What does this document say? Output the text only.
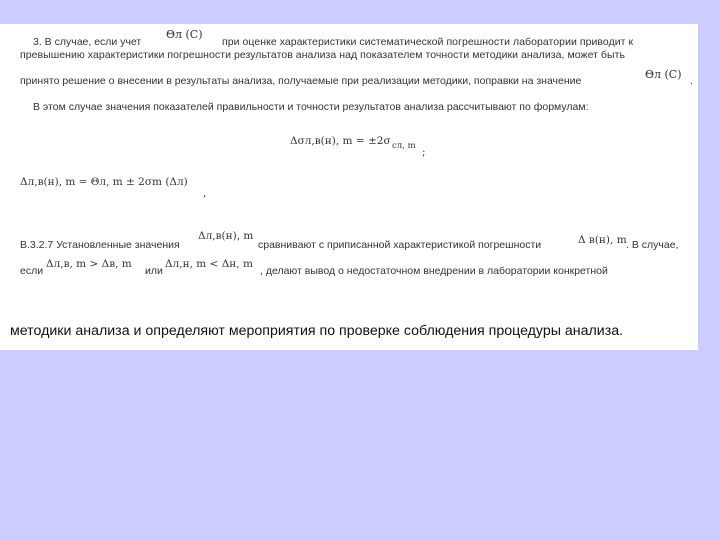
3. В случае, если учет
Θл (C)
при оценке характеристики систематической погрешности лаборатории приводит к
превышению характеристики погрешности результатов анализа над показателем точности методики анализа, может быть
принято решение о внесении в результаты анализа, получаемые при реализации методики, поправки на значение	Θл (C) .
В этом случае значения показателей правильности и точности результатов анализа рассчитывают по формулам:
Δσл,в(н), m = ±2σ cл, m ;
Δл,в(н), m = Θл, m ± 2σm (Δл)
,
В.3.2.7 Установленные значения
Δл,в(н), m
сравнивают с приписанной характеристикой погрешности	Δ в(н), m . В случае,
если
Δл,в, m > Δв, m
или
Δл,н, m < Δн, m
, делают вывод о недостаточном внедрении в лаборатории конкретной
методики анализа и определяют мероприятия по проверке соблюдения процедуры анализа.
